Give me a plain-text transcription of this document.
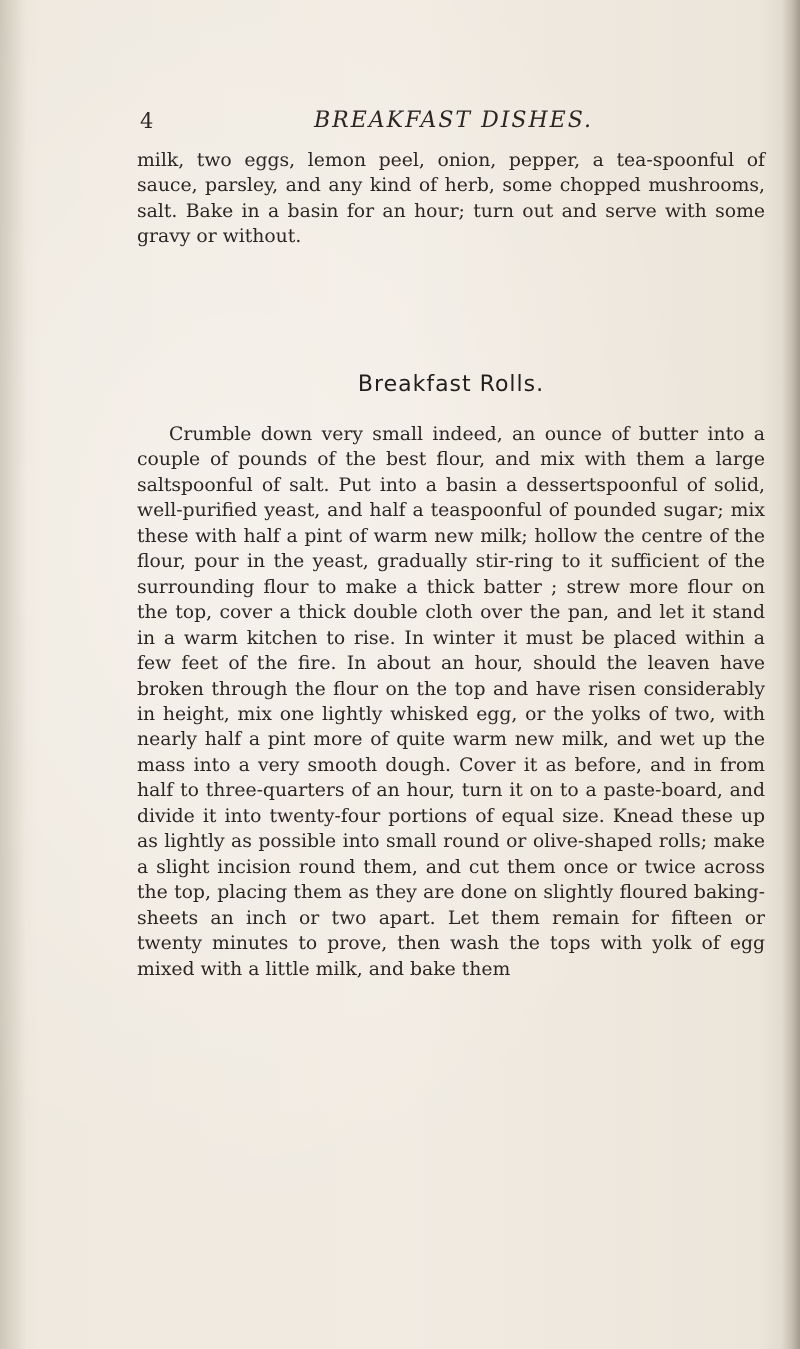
4	BREAKFAST DISHES.

milk, two eggs, lemon peel, onion, pepper, a tea-spoonful of sauce, parsley, and any kind of herb, some chopped mushrooms, salt. Bake in a basin for an hour; turn out and serve with some gravy or without.

Breakfast Rolls.

Crumble down very small indeed, an ounce of butter into a couple of pounds of the best flour, and mix with them a large saltspoonful of salt. Put into a basin a dessertspoonful of solid, well-purified yeast, and half a teaspoonful of pounded sugar; mix these with half a pint of warm new milk; hollow the centre of the flour, pour in the yeast, gradually stir-ring to it sufficient of the surrounding flour to make a thick batter ; strew more flour on the top, cover a thick double cloth over the pan, and let it stand in a warm kitchen to rise. In winter it must be placed within a few feet of the fire. In about an hour, should the leaven have broken through the flour on the top and have risen considerably in height, mix one lightly whisked egg, or the yolks of two, with nearly half a pint more of quite warm new milk, and wet up the mass into a very smooth dough. Cover it as before, and in from half to three-quarters of an hour, turn it on to a paste-board, and divide it into twenty-four portions of equal size. Knead these up as lightly as possible into small round or olive-shaped rolls; make a slight incision round them, and cut them once or twice across the top, placing them as they are done on slightly floured baking-sheets an inch or two apart. Let them remain for fifteen or twenty minutes to prove, then wash the tops with yolk of egg mixed with a little milk, and bake them
